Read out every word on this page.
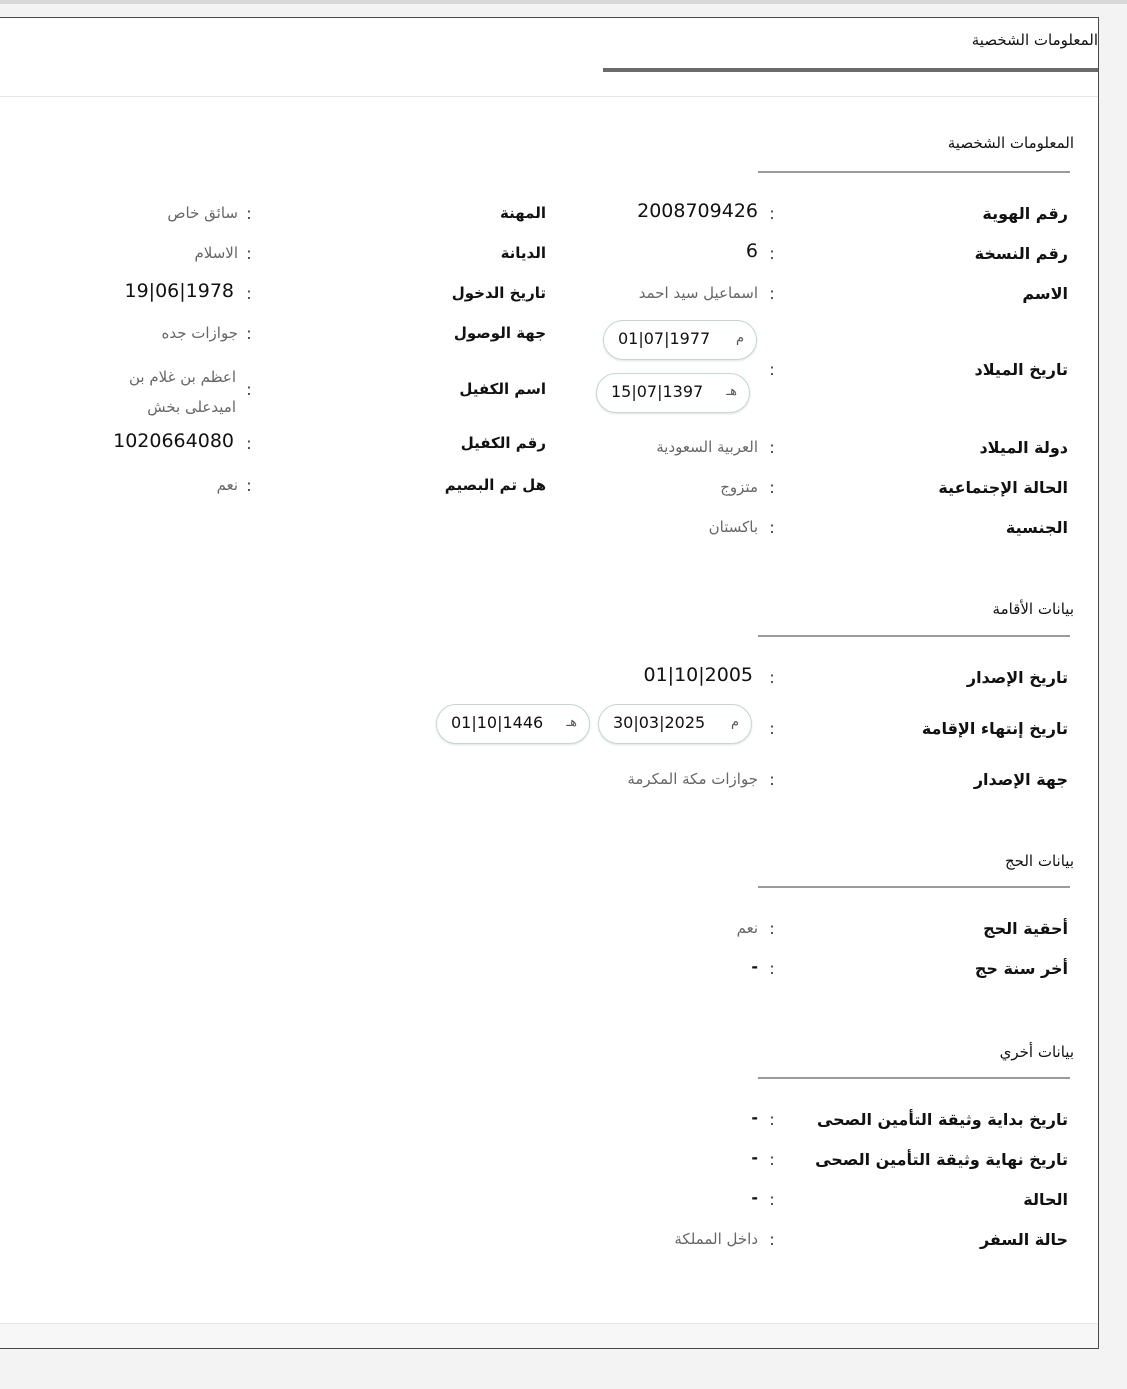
المعلومات الشخصية
المعلومات الشخصية
رقم الهوية
:
2008709426
رقم النسخة
:
6
الاسم
:
اسماعيل سيد احمد
تاريخ الميلاد
:
01|07|1977 م
15|07|1397 هـ
دولة الميلاد
:
العربية السعودية
الحالة الإجتماعية
:
متزوج
الجنسية
:
باكستان
المهنة
:
سائق خاص
الديانة
:
الاسلام
تاريخ الدخول
:
19|06|1978
جهة الوصول
:
جوازات جده
اسم الكفيل
:
اعظم بن غلام بن اميدعلى بخش
رقم الكفيل
:
1020664080
هل تم البصيم
:
نعم
بيانات الأقامة
تاريخ الإصدار
:
01|10|2005
تاريخ إنتهاء الإقامة
:
30|03|2025 م
01|10|1446 هـ
جهة الإصدار
:
جوازات مكة المكرمة
بيانات الحج
أحقية الحج
:
نعم
أخر سنة حج
:
-
بيانات أخري
تاريخ بداية وثيقة التأمين الصحى
:
-
تاريخ نهاية وثيقة التأمين الصحى
:
-
الحالة
:
-
حالة السفر
:
داخل المملكة
